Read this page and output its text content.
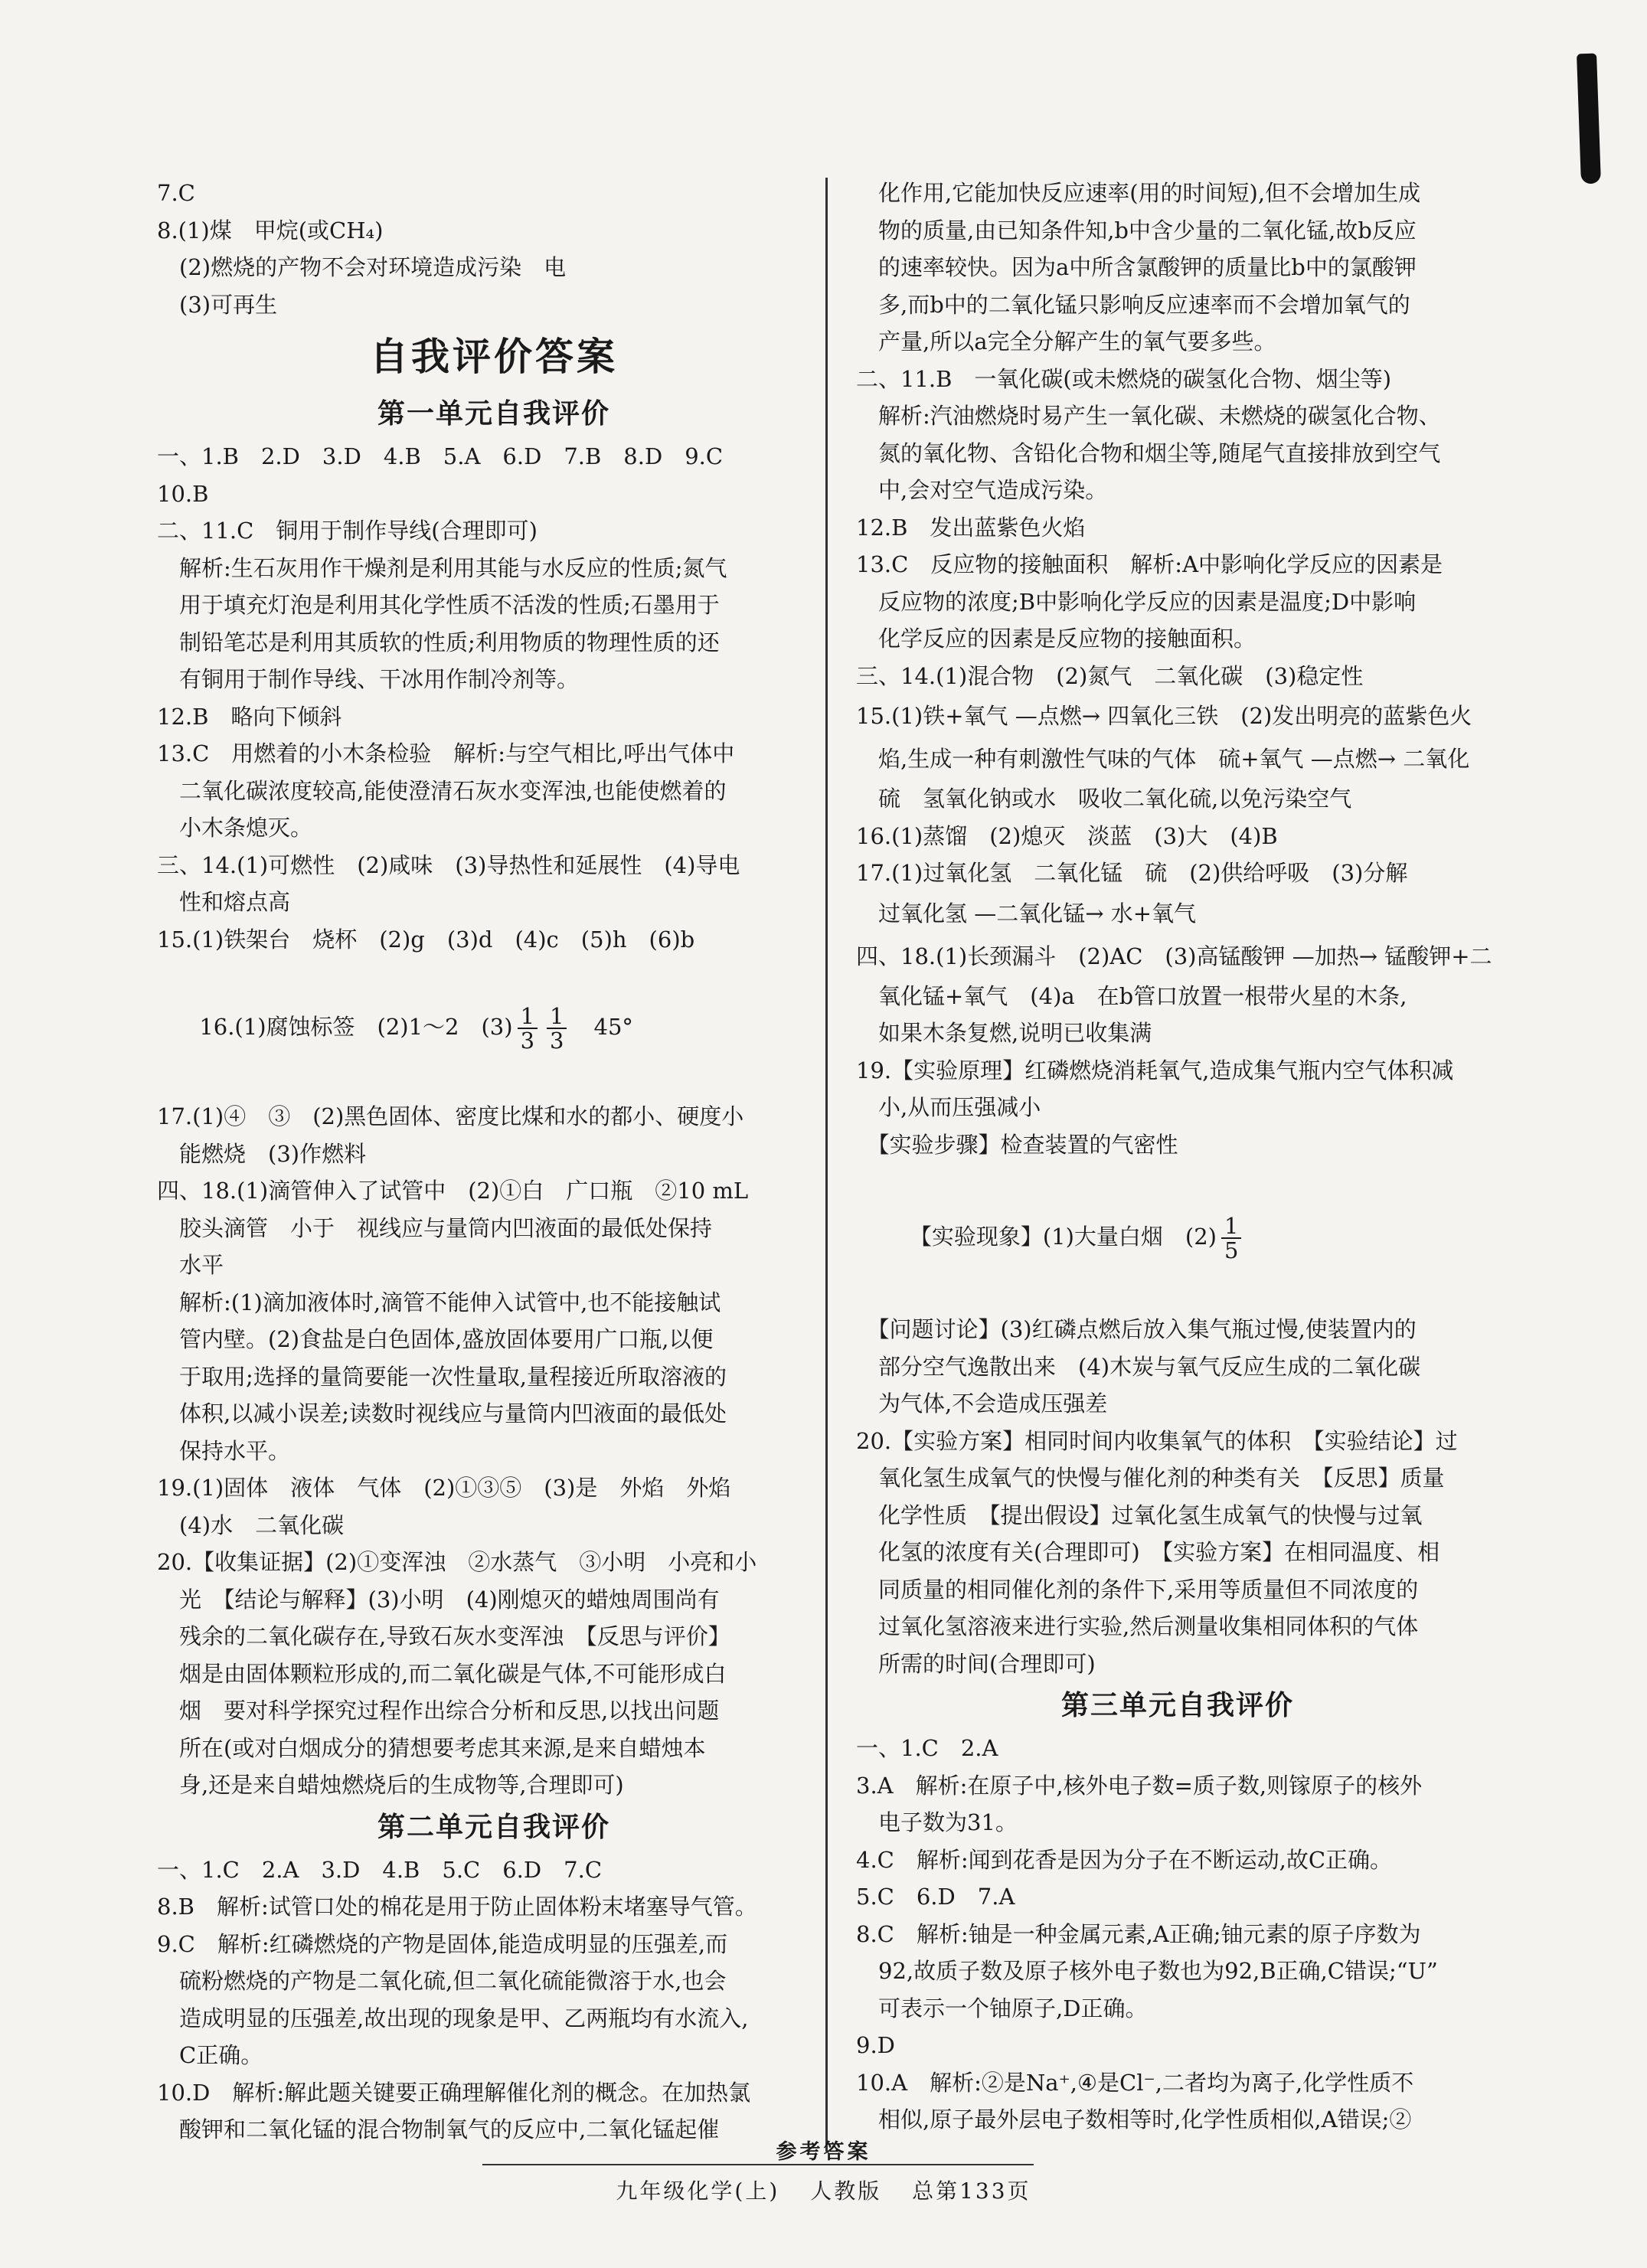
7.C

8.(1)煤　甲烷(或CH₄)

　(2)燃烧的产物不会对环境造成污染　电

　(3)可再生

自我评价答案
第一单元自我评价

一、1.B　2.D　3.D　4.B　5.A　6.D　7.B　8.D　9.C

10.B

二、11.C　铜用于制作导线(合理即可)

　解析:生石灰用作干燥剂是利用其能与水反应的性质;氮气

　用于填充灯泡是利用其化学性质不活泼的性质;石墨用于

　制铅笔芯是利用其质软的性质;利用物质的物理性质的还

　有铜用于制作导线、干冰用作制冷剂等。

12.B　略向下倾斜

13.C　用燃着的小木条检验　解析:与空气相比,呼出气体中

　二氧化碳浓度较高,能使澄清石灰水变浑浊,也能使燃着的

　小木条熄灭。

三、14.(1)可燃性　(2)咸味　(3)导热性和延展性　(4)导电

　性和熔点高

15.(1)铁架台　烧杯　(2)g　(3)d　(4)c　(5)h　(6)b

16.(1)腐蚀标签　(2)1～2　$(3) \frac{1}{3} \frac{1}{3}$
　 45°

17.(1)④　③　(2)黑色固体、密度比煤和水的都小、硬度小

　能燃烧　(3)作燃料

四、18.(1)滴管伸入了试管中　(2)①白　广口瓶　②10 mL

　胶头滴管　小于　视线应与量筒内凹液面的最低处保持

　水平

　解析:(1)滴加液体时,滴管不能伸入试管中,也不能接触试

　管内壁。(2)食盐是白色固体,盛放固体要用广口瓶,以便

　于取用;选择的量筒要能一次性量取,量程接近所取溶液的

　体积,以减小误差;读数时视线应与量筒内凹液面的最低处

　保持水平。

19.(1)固体　液体　气体　(2)①③⑤　(3)是　外焰　外焰

　(4)水　二氧化碳

20.【收集证据】(2)①变浑浊　②水蒸气　③小明　小亮和小

　光　【结论与解释】(3)小明　(4)刚熄灭的蜡烛周围尚有

　残余的二氧化碳存在,导致石灰水变浑浊　【反思与评价】

　烟是由固体颗粒形成的,而二氧化碳是气体,不可能形成白

　烟　要对科学探究过程作出综合分析和反思,以找出问题

　所在(或对白烟成分的猜想要考虑其来源,是来自蜡烛本

　身,还是来自蜡烛燃烧后的生成物等,合理即可)

第二单元自我评价

一、1.C　2.A　3.D　4.B　5.C　6.D　7.C

8.B　解析:试管口处的棉花是用于防止固体粉末堵塞导气管。

9.C　解析:红磷燃烧的产物是固体,能造成明显的压强差,而

　硫粉燃烧的产物是二氧化硫,但二氧化硫能微溶于水,也会

　造成明显的压强差,故出现的现象是甲、乙两瓶均有水流入,

　C正确。

10.D　解析:解此题关键要正确理解催化剂的概念。在加热氯

　酸钾和二氧化锰的混合物制氧气的反应中,二氧化锰起催

　化作用,它能加快反应速率(用的时间短),但不会增加生成

　物的质量,由已知条件知,b中含少量的二氧化锰,故b反应

　的速率较快。因为a中所含氯酸钾的质量比b中的氯酸钾

　多,而b中的二氧化锰只影响反应速率而不会增加氧气的

　产量,所以a完全分解产生的氧气要多些。

二、11.B　一氧化碳(或未燃烧的碳氢化合物、烟尘等)

　解析:汽油燃烧时易产生一氧化碳、未燃烧的碳氢化合物、

　氮的氧化物、含铅化合物和烟尘等,随尾气直接排放到空气

　中,会对空气造成污染。

12.B　发出蓝紫色火焰

13.C　反应物的接触面积　解析:A中影响化学反应的因素是

　反应物的浓度;B中影响化学反应的因素是温度;D中影响

　化学反应的因素是反应物的接触面积。

三、14.(1)混合物　(2)氮气　二氧化碳　(3)稳定性

15.(1)铁+氧气 —点燃→ 四氧化三铁　(2)发出明亮的蓝紫色火

　焰,生成一种有刺激性气味的气体　硫+氧气 —点燃→ 二氧化

　硫　氢氧化钠或水　吸收二氧化硫,以免污染空气

16.(1)蒸馏　(2)熄灭　淡蓝　(3)大　(4)B

17.(1)过氧化氢　二氧化锰　硫　(2)供给呼吸　(3)分解

　过氧化氢 —二氧化锰→ 水+氧气

四、18.(1)长颈漏斗　(2)AC　(3)高锰酸钾 —加热→ 锰酸钾+二

　氧化锰+氧气　(4)a　在b管口放置一根带火星的木条,

　如果木条复燃,说明已收集满

19.【实验原理】红磷燃烧消耗氧气,造成集气瓶内空气体积减

　小,从而压强减小

　【实验步骤】检查装置的气密性

　【实验现象】(1)大量白烟　$(2) \frac{1}{5}$

　【问题讨论】(3)红磷点燃后放入集气瓶过慢,使装置内的

　部分空气逸散出来　(4)木炭与氧气反应生成的二氧化碳

　为气体,不会造成压强差

20.【实验方案】相同时间内收集氧气的体积　【实验结论】过

　氧化氢生成氧气的快慢与催化剂的种类有关　【反思】质量

　化学性质　【提出假设】过氧化氢生成氧气的快慢与过氧

　化氢的浓度有关(合理即可)　【实验方案】在相同温度、相

　同质量的相同催化剂的条件下,采用等质量但不同浓度的

　过氧化氢溶液来进行实验,然后测量收集相同体积的气体

　所需的时间(合理即可)

第三单元自我评价

一、1.C　2.A

3.A　解析:在原子中,核外电子数=质子数,则镓原子的核外

　电子数为31。

4.C　解析:闻到花香是因为分子在不断运动,故C正确。

5.C　6.D　7.A

8.C　解析:铀是一种金属元素,A正确;铀元素的原子序数为

　92,故质子数及原子核外电子数也为92,B正确,C错误;“U”

　可表示一个铀原子,D正确。

9.D

10.A　解析:②是Na⁺,④是Cl⁻,二者均为离子,化学性质不

　相似,原子最外层电子数相等时,化学性质相似,A错误;②

参考答案
九年级化学(上) 人教版 总第133页
